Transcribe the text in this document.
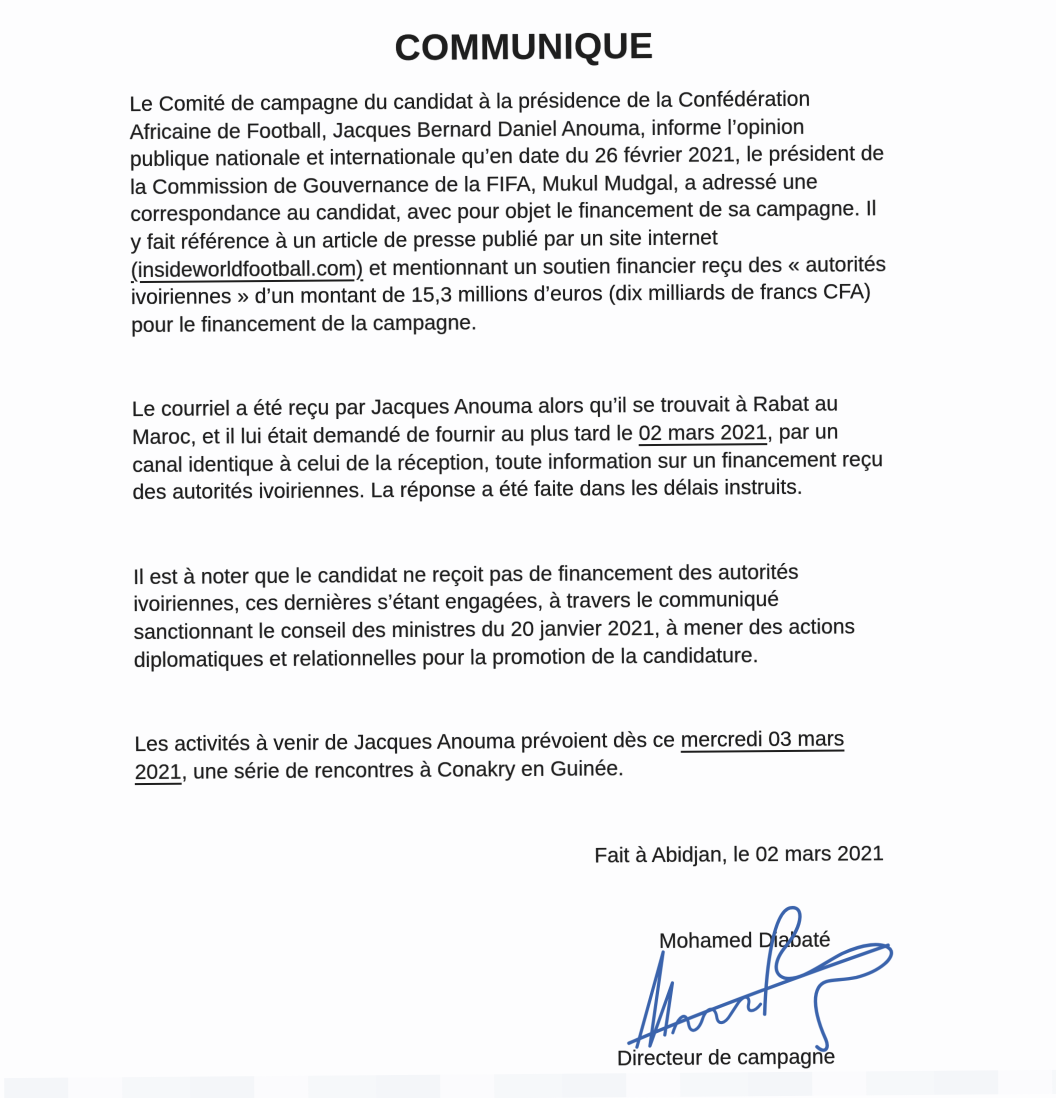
COMMUNIQUE
Le Comité de campagne du candidat à la présidence de la Confédération
Africaine de Football, Jacques Bernard Daniel Anouma, informe l’opinion
publique nationale et internationale qu’en date du 26 février 2021, le président de
la Commission de Gouvernance de la FIFA, Mukul Mudgal, a adressé une
correspondance au candidat, avec pour objet le financement de sa campagne. Il
y fait référence à un article de presse publié par un site internet
(insideworldfootball.com) et mentionnant un soutien financier reçu des « autorités
ivoiriennes » d’un montant de 15,3 millions d’euros (dix milliards de francs CFA)
pour le financement de la campagne.
Le courriel a été reçu par Jacques Anouma alors qu’il se trouvait à Rabat au
Maroc, et il lui était demandé de fournir au plus tard le 02 mars 2021, par un
canal identique à celui de la réception, toute information sur un financement reçu
des autorités ivoiriennes. La réponse a été faite dans les délais instruits.
Il est à noter que le candidat ne reçoit pas de financement des autorités
ivoiriennes, ces dernières s’étant engagées, à travers le communiqué
sanctionnant le conseil des ministres du 20 janvier 2021, à mener des actions
diplomatiques et relationnelles pour la promotion de la candidature.
Les activités à venir de Jacques Anouma prévoient dès ce mercredi 03 mars
2021, une série de rencontres à Conakry en Guinée.
Fait à Abidjan, le 02 mars 2021
Mohamed Diabaté
Directeur de campagne
